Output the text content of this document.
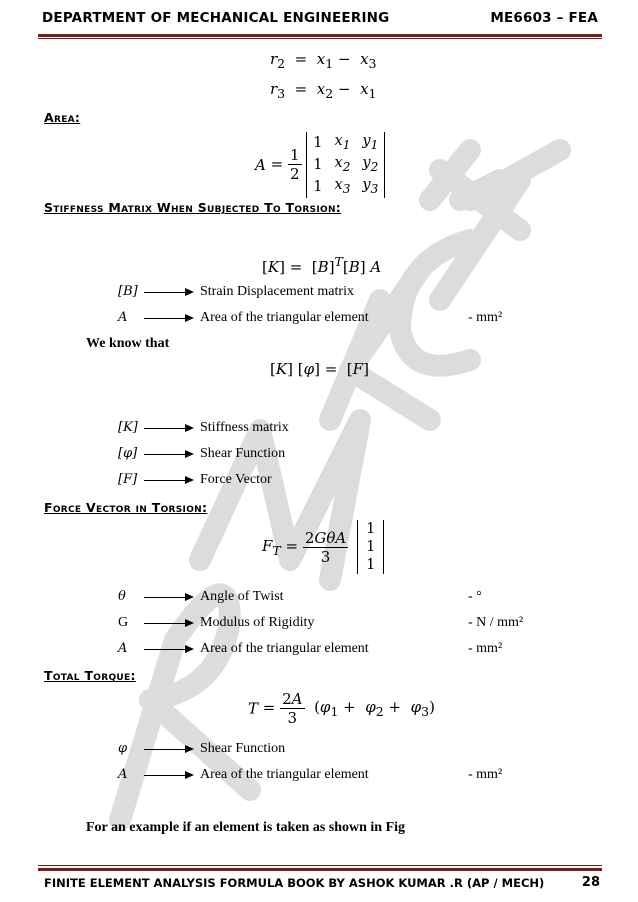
DEPARTMENT OF MECHANICAL ENGINEERING	ME6603 – FEA
$r_2 = x_1 - x_3$
$r_3 = x_2 - x_1$
Area:
$A = \frac{1}{2}$

1	$x_1$	$y_1$
1	$x_2$	$y_2$
1	$x_3$	$y_3$
Stiffness Matrix When Subjected To Torsion:
$[K] = [B]^T[B]$ A
[B]	Strain Displacement matrix
A	Area of the triangular element	- mm²
We know that
[K] [φ] =  [F]
[K]	Stiffness matrix
[φ]	Shear Function
[F]	Force Vector
Force Vector in Torsion:
$F_T = \frac{\text{2GθA}}{3}$
1
1
1
θ	Angle of Twist	- °
G	Modulus of Rigidity	- N / mm²
A	Area of the triangular element	- mm²
Total Torque:
$T = \frac{2A}{3} (\varphi_1 + \varphi_2 + \varphi_3)$
φ	Shear Function
A	Area of the triangular element	- mm²
For an example if an element is taken as shown in Fig
FINITE ELEMENT ANALYSIS FORMULA BOOK BY ASHOK KUMAR .R (AP / MECH)	28
